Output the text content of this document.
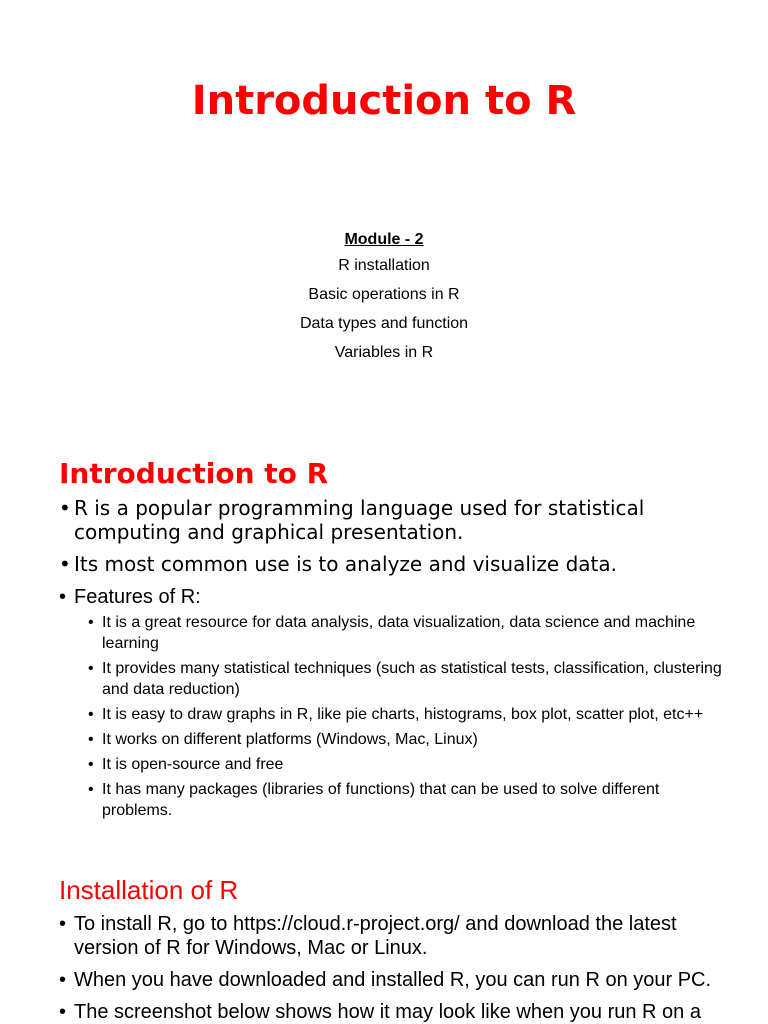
Introduction to R
Module - 2
R installation
Basic operations in R
Data types and function
Variables in R
Introduction to R
• R is a popular programming language used for statistical computing and graphical presentation.
• Its most common use is to analyze and visualize data.
• Features of R:
• It is a great resource for data analysis, data visualization, data science and machine learning
• It provides many statistical techniques (such as statistical tests, classification, clustering and data reduction)
• It is easy to draw graphs in R, like pie charts, histograms, box plot, scatter plot, etc++
• It works on different platforms (Windows, Mac, Linux)
• It is open-source and free
• It has many packages (libraries of functions) that can be used to solve different problems.
Installation of R
• To install R, go to https://cloud.r-project.org/ and download the latest version of R for Windows, Mac or Linux.
• When you have downloaded and installed R, you can run R on your PC.
• The screenshot below shows how it may look like when you run R on a
